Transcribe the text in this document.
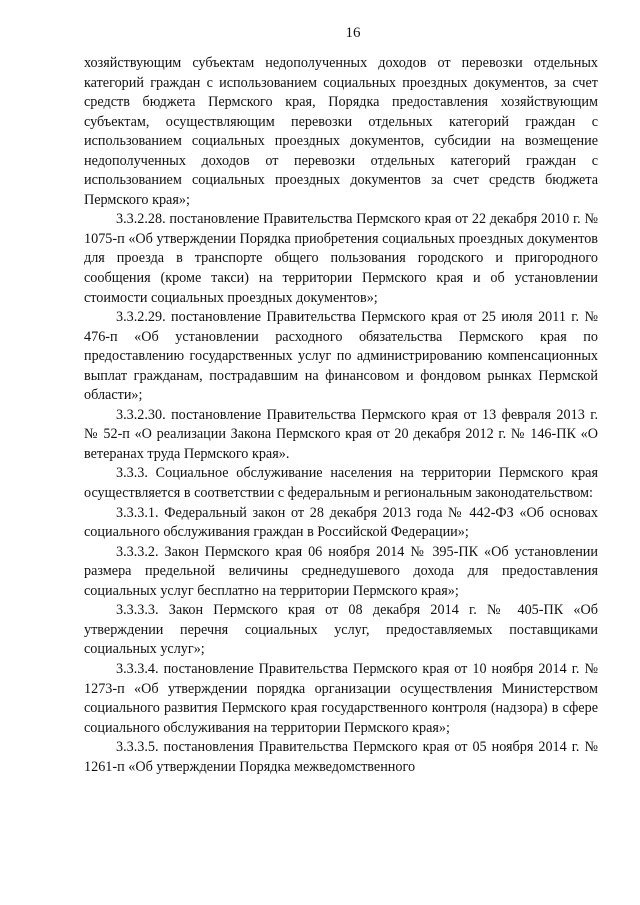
16

хозяйствующим субъектам недополученных доходов от перевозки отдельных категорий граждан с использованием социальных проездных документов, за счет средств бюджета Пермского края, Порядка предоставления хозяйствующим субъектам, осуществляющим перевозки отдельных категорий граждан с использованием социальных проездных документов, субсидии на возмещение недополученных доходов от перевозки отдельных категорий граждан с использованием социальных проездных документов за счет средств бюджета Пермского края»;

3.3.2.28. постановление Правительства Пермского края от 22 декабря 2010 г. № 1075-п «Об утверждении Порядка приобретения социальных проездных документов для проезда в транспорте общего пользования городского и пригородного сообщения (кроме такси) на территории Пермского края и об установлении стоимости социальных проездных документов»;

3.3.2.29. постановление Правительства Пермского края от 25 июля 2011 г. № 476-п «Об установлении расходного обязательства Пермского края по предоставлению государственных услуг по администрированию компенсационных выплат гражданам, пострадавшим на финансовом и фондовом рынках Пермской области»;

3.3.2.30. постановление Правительства Пермского края от 13 февраля 2013 г. № 52-п «О реализации Закона Пермского края от 20 декабря 2012 г. № 146-ПК «О ветеранах труда Пермского края».

3.3.3. Социальное обслуживание населения на территории Пермского края осуществляется в соответствии с федеральным и региональным законодательством:

3.3.3.1. Федеральный закон от 28 декабря 2013 года № 442-ФЗ «Об основах социального обслуживания граждан в Российской Федерации»;

3.3.3.2. Закон Пермского края 06 ноября 2014 № 395-ПК «Об установлении размера предельной величины среднедушевого дохода для предоставления социальных услуг бесплатно на территории Пермского края»;

3.3.3.3. Закон Пермского края от 08 декабря 2014 г. № 405-ПК «Об утверждении перечня социальных услуг, предоставляемых поставщиками социальных услуг»;

3.3.3.4. постановление Правительства Пермского края от 10 ноября 2014 г. № 1273-п «Об утверждении порядка организации осуществления Министерством социального развития Пермского края государственного контроля (надзора) в сфере социального обслуживания на территории Пермского края»;

3.3.3.5. постановления Правительства Пермского края от 05 ноября 2014 г. № 1261-п «Об утверждении Порядка межведомственного
